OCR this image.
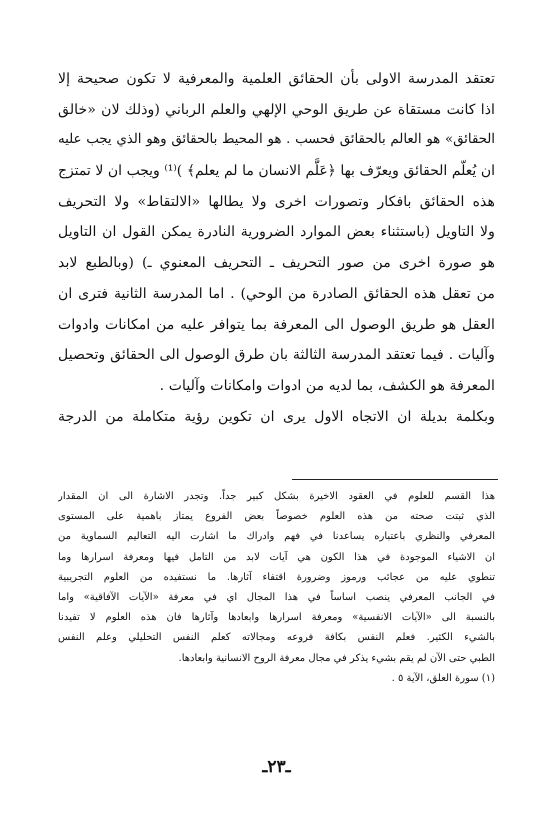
تعتقد المدرسة الاولى بأن الحقائق العلمية والمعرفية لا تكون صحيحة إلا
اذا كانت مستقاة عن طريق الوحي الإلهي والعلم الرباني (وذلك لان «خالق
الحقائق» هو العالم بالحقائق فحسب . هو المحيط بالحقائق وهو الذي يجب عليه
ان يُعلّم الحقائق ويعرّف بها ﴿عَلَّم الانسان ما لم يعلم﴾ )⁽¹⁾ ويجب ان لا تمتزج
هذه الحقائق بافكار وتصورات اخرى ولا يطالها «الالتقاط» ولا التحريف
ولا التاويل (باستثناء بعض الموارد الضرورية النادرة يمكن القول ان التاويل
هو صورة اخرى من صور التحريف ـ التحريف المعنوي ـ) (وبالطبع لابد
من تعقل هذه الحقائق الصادرة من الوحي) . اما المدرسة الثانية فترى ان
العقل هو طريق الوصول الى المعرفة بما يتوافر عليه من امكانات وادوات
وآليات . فيما تعتقد المدرسة الثالثة بان طرق الوصول الى الحقائق وتحصيل
المعرفة هو الكشف، بما لديه من ادوات وامكانات وآليات .
وبكلمة بديلة ان الاتجاه الاول يرى ان تكوين رؤية متكاملة من الدرجة
هذا القسم للعلوم في العقود الاخيرة بشكل كبير جداً. وتجدر الاشارة الى ان المقدار
الذي ثبتت صحته من هذه العلوم خصوصاً بعض الفروع يمتاز باهمية على المستوى
المعرفي والنظري باعتباره يساعدنا في فهم وادراك ما اشارت اليه التعاليم السماوية من
ان الاشياء الموجودة في هذا الكون هي آيات لابد من التامل فيها ومعرفة اسرارها وما
تنطوي عليه من عجائب ورموز وضرورة اقتفاء آثارها. ما نستفيده من العلوم التجريبية
في الجانب المعرفي ينصب اساساً في هذا المجال اي في معرفة «الآيات الآفاقية» واما
بالنسبة الى «الآيات الانفسية» ومعرفة اسرارها وابعادها وآثارها فان هذه العلوم لا تفيدنا
بالشيء الكثير. فعلم النفس بكافة فروعه ومجالاته كعلم النفس التحليلي وعلم النفس
الطبي حتى الآن لم يقم بشيء يذكر في مجال معرفة الروح الانسانية وابعادها.
(١) سورة العلق، الآية ٥ .
ـ٢٣ـ
